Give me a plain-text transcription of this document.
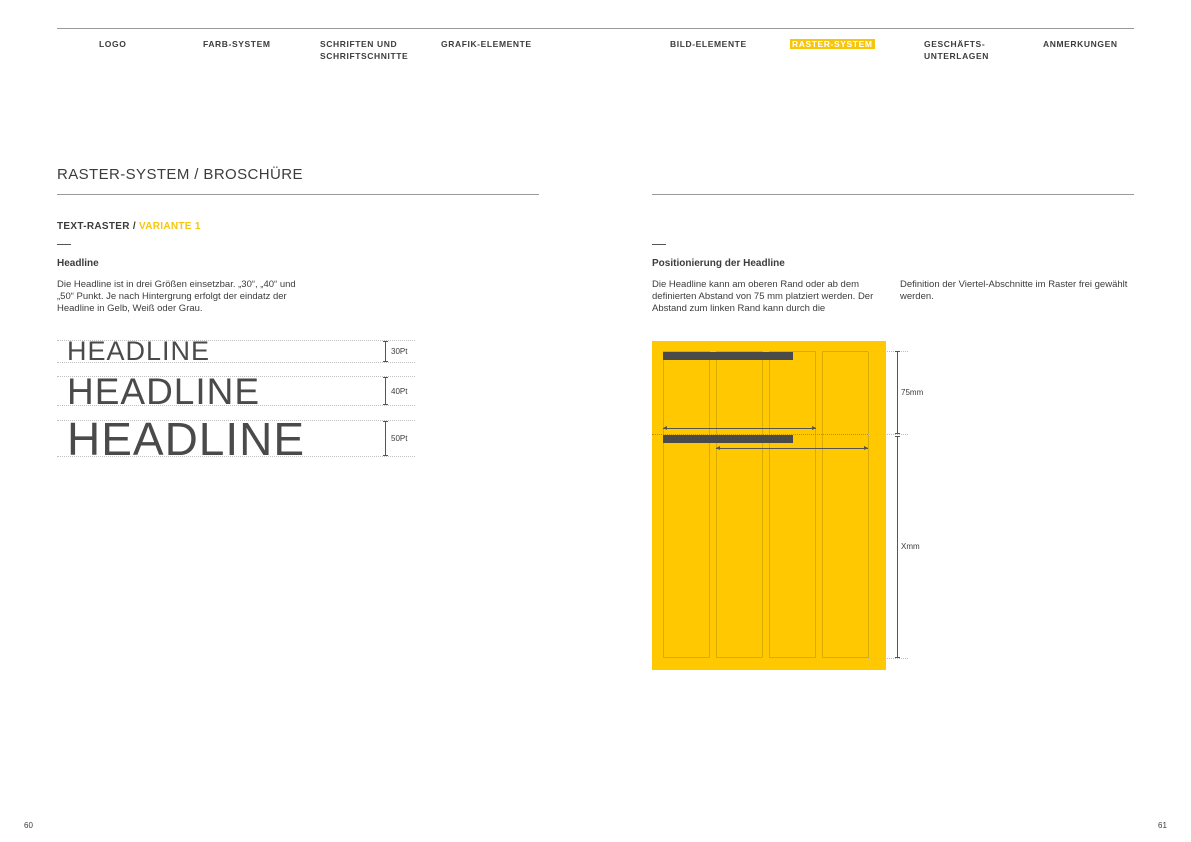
LOGO	FARB-SYSTEM	SCHRIFTEN UND SCHRIFTSCHNITTE
GRAFIK-ELEMENTE	BILD-ELEMENTE	RASTER-SYSTEM	GESCHÄFTS- UNTERLAGEN
ANMERKUNGEN
RASTER-SYSTEM / BROSCHÜRE
TEXT-RASTER / VARIANTE 1
Headline
Die Headline ist in drei Größen einsetzbar. „30“, „40“ und „50“ Punkt. Je nach Hintergrung erfolgt der eindatz der Headline in Gelb, Weiß oder Grau.
HEADLINE	30Pt
HEADLINE	40Pt
HEADLINE	50Pt
Positionierung der Headline
Die Headline kann am oberen Rand oder ab dem definierten Abstand von 75 mm platziert werden. Der Abstand zum linken Rand kann durch die
Definition der Viertel-Abschnitte im Raster frei gewählt werden.
75mm
Xmm
60	61
